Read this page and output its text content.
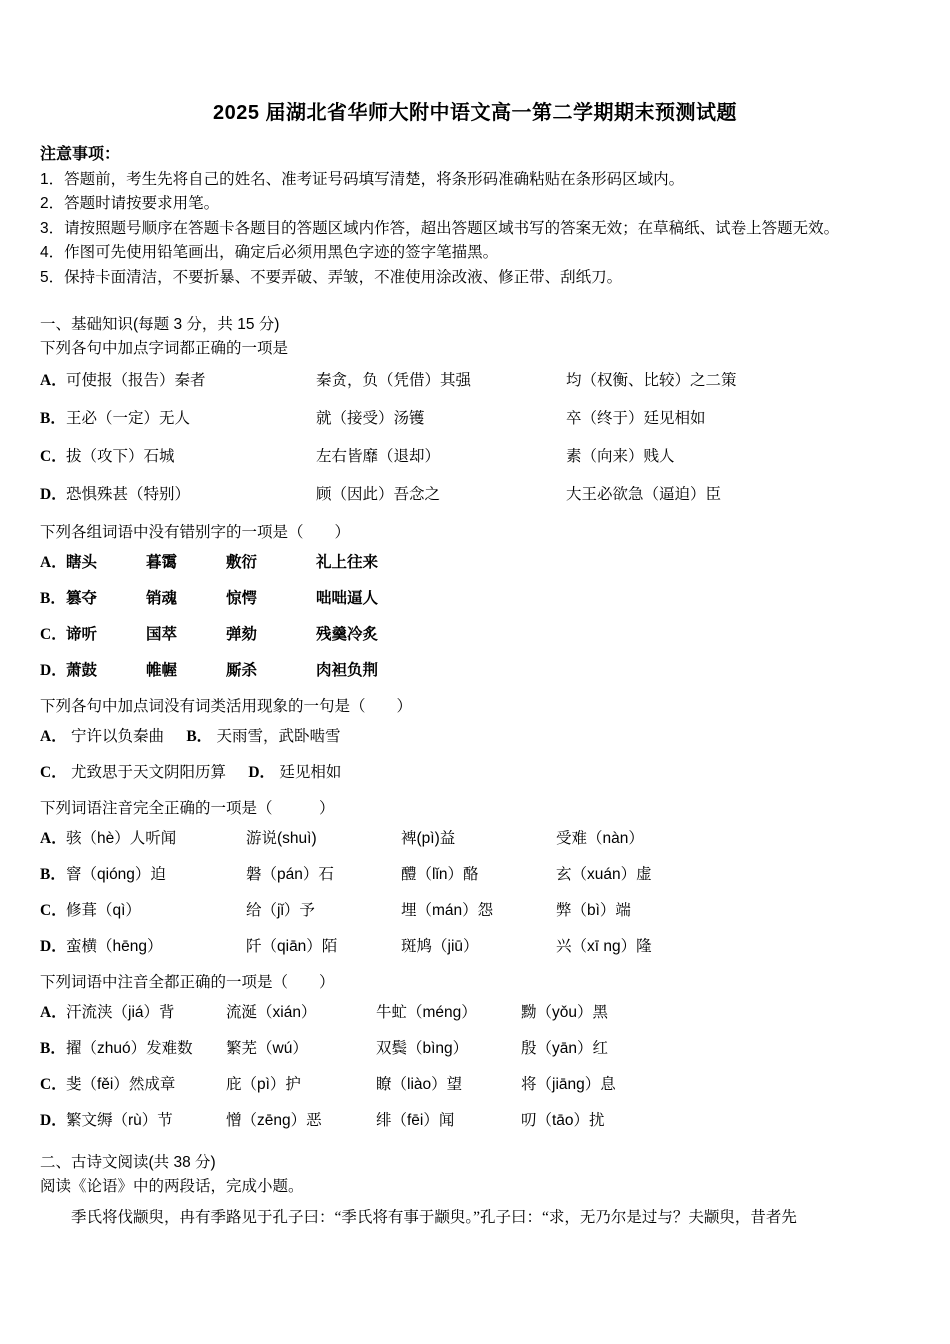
2025 届湖北省华师大附中语文高一第二学期期末预测试题
注意事项：
1．答题前，考生先将自己的姓名、准考证号码填写清楚，将条形码准确粘贴在条形码区域内。
2．答题时请按要求用笔。
3．请按照题号顺序在答题卡各题目的答题区域内作答，超出答题区域书写的答案无效；在草稿纸、试卷上答题无效。
4．作图可先使用铅笔画出，确定后必须用黑色字迹的签字笔描黑。
5．保持卡面清洁，不要折暴、不要弄破、弄皱，不准使用涂改液、修正带、刮纸刀。
一、基础知识(每题 3 分，共 15 分)
下列各句中加点字词都正确的一项是
A． 可使报（报告）秦者	秦贪，负（凭借）其强	均（权衡、比较）之二策
B． 王必（一定）无人	就（接受）汤镬	卒（终于）廷见相如
C． 拔（攻下）石城	左右皆靡（退却）	素（向来）贱人
D． 恐惧殊甚（特别）	顾（因此）吾念之	大王必欲急（逼迫）臣
下列各组词语中没有错别字的一项是（　　）
A． 瞎头	暮霭	敷衍	礼上往来
B． 篡夺	销魂	惊愕	咄咄逼人
C． 谛听	国萃	弹劾	残羹冷炙
D． 萧鼓	帷幄	厮杀	肉袒负荆
下列各句中加点词没有词类活用现象的一句是（　　）
A． 宁许以负秦曲 B． 天雨雪，武卧啮雪
C． 尤致思于天文阴阳历算 D． 廷见相如
下列词语注音完全正确的一项是（　　　）
A． 骇（hè）人听闻	游说(shuì)	裨(pì)益	受难（nàn）
B． 窨（qióng）迫	磐（pán）石	醴（lǐn）酪	玄（xuán）虚
C． 修葺（qì）	给（jǐ）予	埋（mán）怨	弊（bì）端
D． 蛮横（hēng）	阡（qiān）陌	斑鸠（jiū）	兴（xī ng）隆
下列词语中注音全都正确的一项是（　　）
A． 汗流浃（jiá）背	流涎（xián）	牛虻（méng）	黝（yǒu）黑
B． 擢（zhuó）发难数	繁芜（wú）	双鬓（bìng）	殷（yān）红
C． 斐（fěi）然成章	庇（pì）护	瞭（liào）望	将（jiāng）息
D． 繁文缛（rù）节	憎（zēng）恶	绯（fēi）闻	叨（tāo）扰
二、古诗文阅读(共 38 分)
阅读《论语》中的两段话，完成小题。
季氏将伐颛臾，冉有季路见于孔子曰：“季氏将有事于颛臾。”孔子曰：“求，无乃尔是过与？夫颛臾，昔者先
